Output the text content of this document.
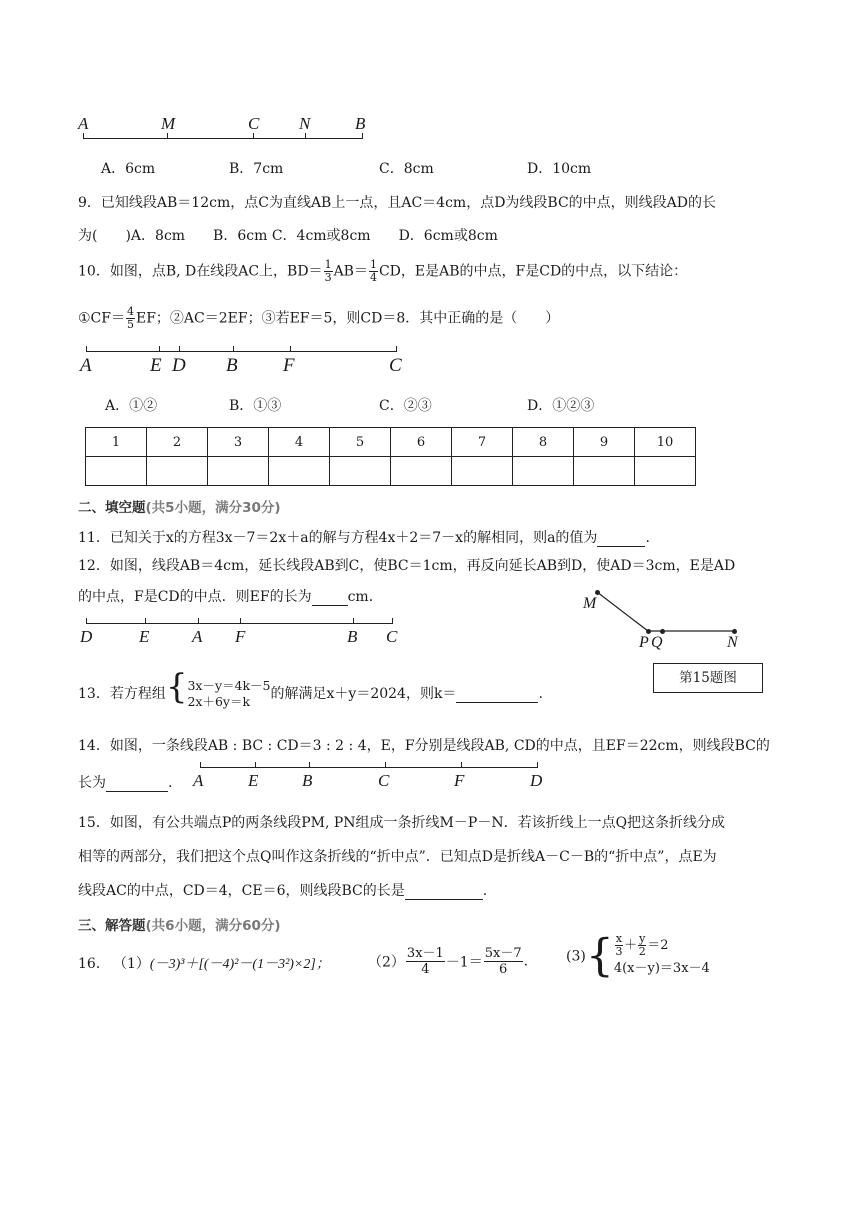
A	M	C N	B
A．6cm	B．7cm	C．8cm	D．10cm
9．已知线段AB＝12cm，点C为直线AB上一点，且AC＝4cm，点D为线段BC的中点，则线段AD的长
为(　　)A．8cm　　B．6cm C．4cm或8cm　　D．6cm或8cm
10．如图，点B, D在线段AC上，$BD= \frac{1}{3} AB= \frac{1}{4}$ CD，E是AB的中点，F是CD的中点，以下结论：
①CF＝ $\frac{4}{5}$ EF；②AC＝2EF；③若EF＝5，则CD＝8．其中正确的是（　　）
A	E D B F	C
A．①②	B．①③	C．②③	D．①②③
1	2	3	4	5	6	7	8	9	10

二、填空题(共5小题，满分30分)
11．已知关于x的方程3x－7＝2x＋a的解与方程4x＋2＝7－x的解相同，则a的值为	.
12．如图，线段AB＝4cm，延长线段AB到C，使BC＝1cm，再反向延长AB到D，使AD＝3cm，E是AD
的中点，F是CD的中点．则EF的长为	cm．
D	E	A F	B C
M
P Q	N
第15题图
13．若方程组{ 3x－y＝4k－5
2x＋6y＝k	的解满足x＋y＝2024，则k＝	.
14．如图，一条线段AB : BC : CD＝3 : 2 : 4，E，F分别是线段AB, CD的中点，且EF＝22cm，则线段BC的
长为	. A	E	B	C	F	D
15．如图，有公共端点P的两条线段PM, PN组成一条折线M－P－N．若该折线上一点Q把这条折线分成
相等的两部分，我们把这个点Q叫作这条折线的“折中点”．已知点D是折线A－C－B的“折中点”，点E为
线段AC的中点，CD＝4，CE＝6，则线段BC的长是	.
三、解答题(共6小题，满分60分)
16． （1）(－3)³＋[(－4)²－(1－3²)×2]；	$(2) \frac{3x-1}{4} -1= \frac{5x-7}{6}$ .	$(3)\{ \frac{x}{3} + \frac{y}{2} =2$
4(x－y)＝3x－4
